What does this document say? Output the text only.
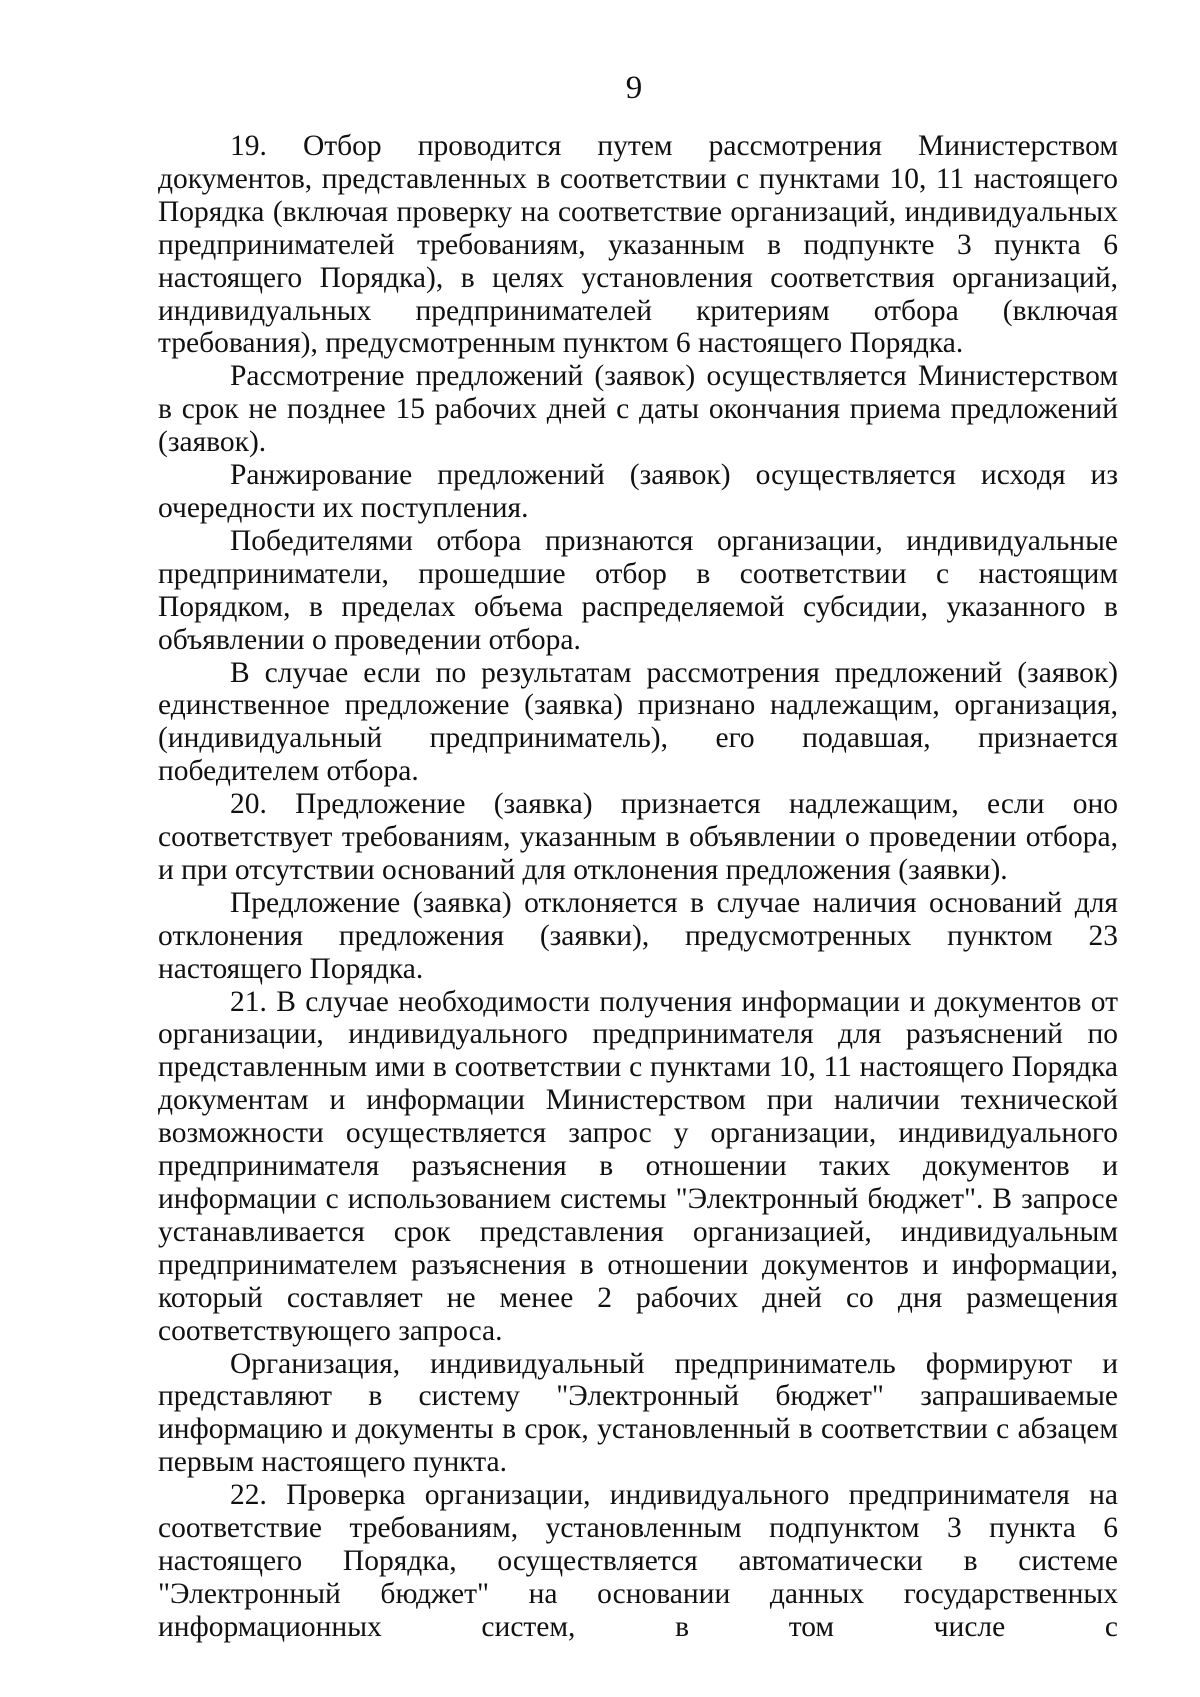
9

19. Отбор проводится путем рассмотрения Министерством документов, представленных в соответствии с пунктами 10, 11 настоящего Порядка (включая проверку на соответствие организаций, индивидуальных предпринимателей требованиям, указанным в подпункте 3 пункта 6 настоящего Порядка), в целях установления соответствия организаций, индивидуальных предпринимателей критериям отбора (включая требования), предусмотренным пунктом 6 настоящего Порядка.

Рассмотрение предложений (заявок) осуществляется Министерством в срок не позднее 15 рабочих дней с даты окончания приема предложений (заявок).

Ранжирование предложений (заявок) осуществляется исходя из очередности их поступления.

Победителями отбора признаются организации, индивидуальные предприниматели, прошедшие отбор в соответствии с настоящим Порядком, в пределах объема распределяемой субсидии, указанного в объявлении о проведении отбора.

В случае если по результатам рассмотрения предложений (заявок) единственное предложение (заявка) признано надлежащим, организация, (индивидуальный предприниматель), его подавшая, признается победителем отбора.

20. Предложение (заявка) признается надлежащим, если оно соответствует требованиям, указанным в объявлении о проведении отбора, и при отсутствии оснований для отклонения предложения (заявки).

Предложение (заявка) отклоняется в случае наличия оснований для отклонения предложения (заявки), предусмотренных пунктом 23 настоящего Порядка.

21. В случае необходимости получения информации и документов от организации, индивидуального предпринимателя для разъяснений по представленным ими в соответствии с пунктами 10, 11 настоящего Порядка документам и информации Министерством при наличии технической возможности осуществляется запрос у организации, индивидуального предпринимателя разъяснения в отношении таких документов и информации с использованием системы "Электронный бюджет". В запросе устанавливается срок представления организацией, индивидуальным предпринимателем разъяснения в отношении документов и информации, который составляет не менее 2 рабочих дней со дня размещения соответствующего запроса.

Организация, индивидуальный предприниматель формируют и представляют в систему "Электронный бюджет" запрашиваемые информацию и документы в срок, установленный в соответствии с абзацем первым настоящего пункта.

22. Проверка организации, индивидуального предпринимателя на соответствие требованиям, установленным подпунктом 3 пункта 6 настоящего Порядка, осуществляется автоматически в системе "Электронный бюджет" на основании данных государственных информационных систем, в том числе с
